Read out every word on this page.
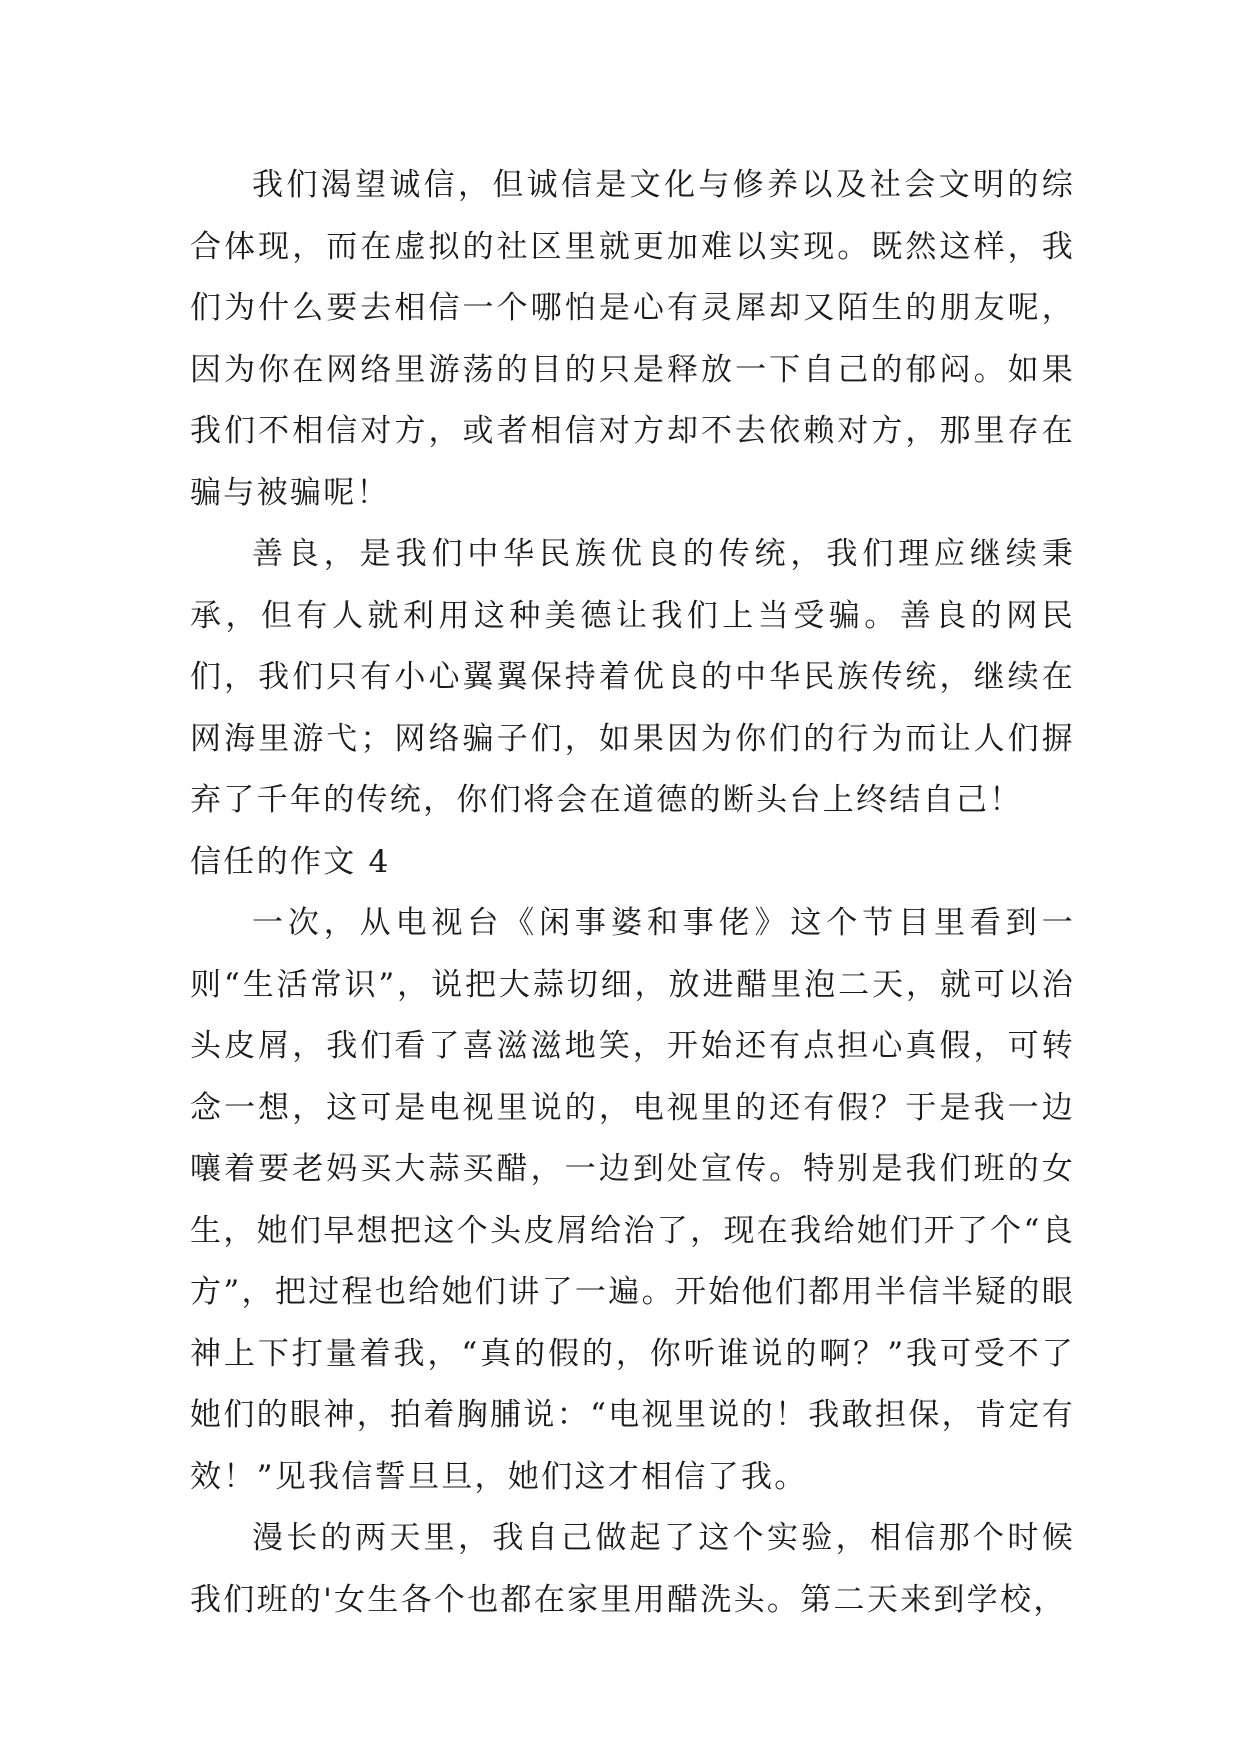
我们渴望诚信，但诚信是文化与修养以及社会文明的综合体现，而在虚拟的社区里就更加难以实现。既然这样，我们为什么要去相信一个哪怕是心有灵犀却又陌生的朋友呢，因为你在网络里游荡的目的只是释放一下自己的郁闷。如果我们不相信对方，或者相信对方却不去依赖对方，那里存在骗与被骗呢！

善良，是我们中华民族优良的传统，我们理应继续秉承，但有人就利用这种美德让我们上当受骗。善良的网民们，我们只有小心翼翼保持着优良的中华民族传统，继续在网海里游弋；网络骗子们，如果因为你们的行为而让人们摒弃了千年的传统，你们将会在道德的断头台上终结自己！

信任的作文 4

一次，从电视台《闲事婆和事佬》这个节目里看到一则“生活常识”，说把大蒜切细，放进醋里泡二天，就可以治头皮屑，我们看了喜滋滋地笑，开始还有点担心真假，可转念一想，这可是电视里说的，电视里的还有假？于是我一边嚷着要老妈买大蒜买醋，一边到处宣传。特别是我们班的女生，她们早想把这个头皮屑给治了，现在我给她们开了个“良方”，把过程也给她们讲了一遍。开始他们都用半信半疑的眼神上下打量着我，“真的假的，你听谁说的啊？”我可受不了她们的眼神，拍着胸脯说：“电视里说的！我敢担保，肯定有效！”见我信誓旦旦，她们这才相信了我。

漫长的两天里，我自己做起了这个实验，相信那个时候我们班的'女生各个也都在家里用醋洗头。第二天来到学校，
